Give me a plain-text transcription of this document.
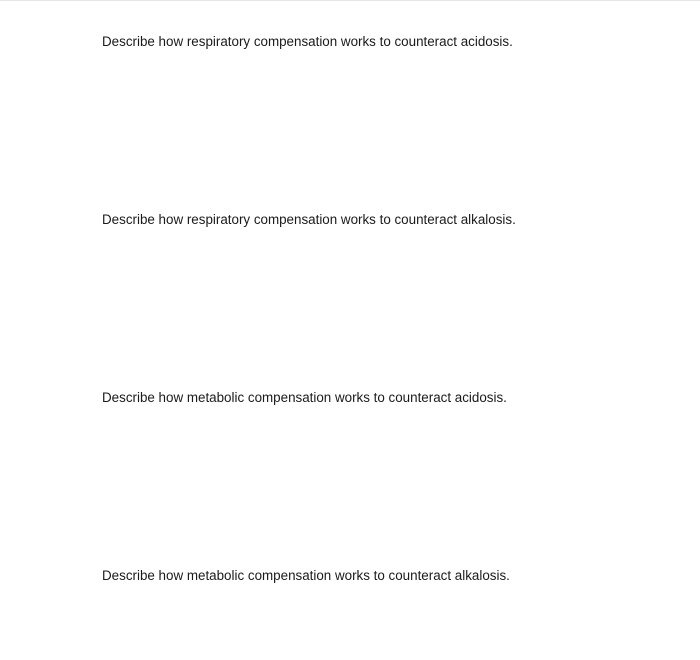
Describe how respiratory compensation works to counteract acidosis.

Describe how respiratory compensation works to counteract alkalosis.

Describe how metabolic compensation works to counteract acidosis.

Describe how metabolic compensation works to counteract alkalosis.
